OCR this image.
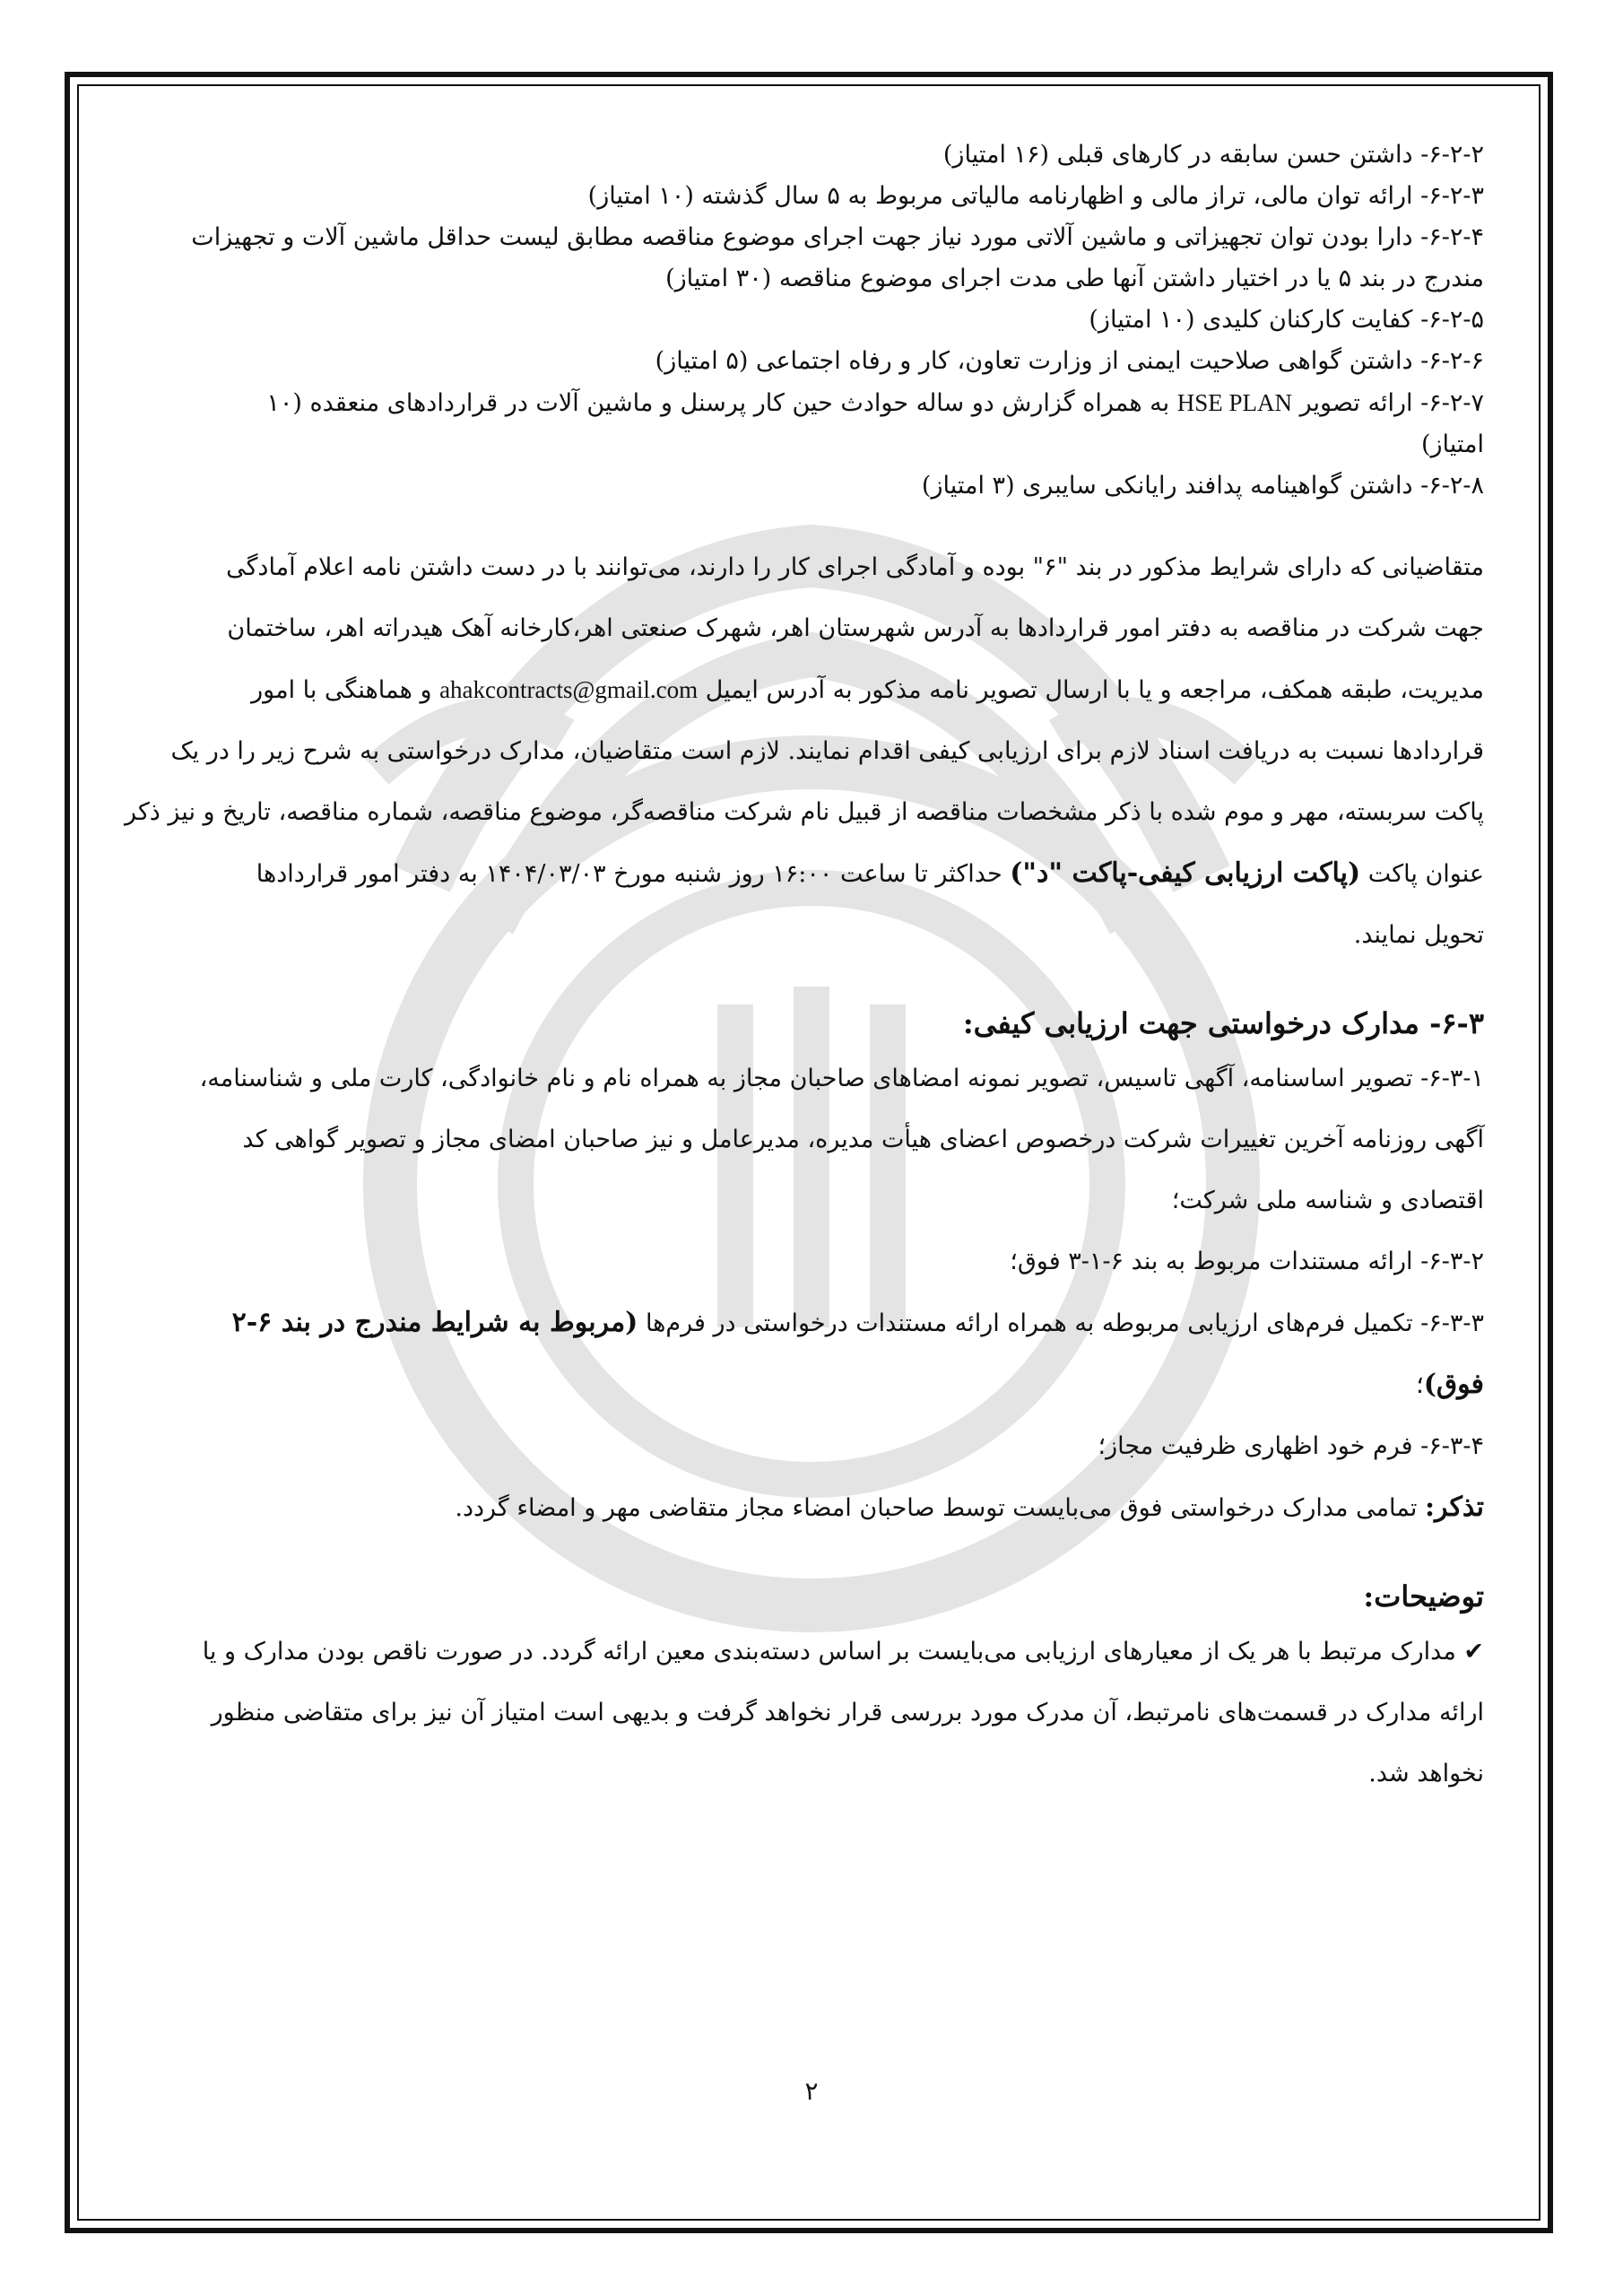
۶-۲-۲- داشتن حسن سابقه در کارهای قبلی (۱۶ امتیاز)
۶-۲-۳- ارائه توان مالی، تراز مالی و اظهارنامه مالیاتی مربوط به ۵ سال گذشته (۱۰ امتیاز)
۶-۲-۴- دارا بودن توان تجهیزاتی و ماشین آلاتی مورد نیاز جهت اجرای موضوع مناقصه مطابق لیست حداقل ماشین آلات و تجهیزات
مندرج در بند ۵ یا در اختیار داشتن آنها طی مدت اجرای موضوع مناقصه (۳۰ امتیاز)
۶-۲-۵- کفایت کارکنان کلیدی (۱۰ امتیاز)
۶-۲-۶- داشتن گواهی صلاحیت ایمنی از وزارت تعاون، کار و رفاه اجتماعی (۵ امتیاز)
۶-۲-۷- ارائه تصویر HSE PLAN به همراه گزارش دو ساله حوادث حین کار پرسنل و ماشین آلات در قراردادهای منعقده (۱۰
امتیاز)
۶-۲-۸- داشتن گواهینامه پدافند رایانکی سایبری (۳ امتیاز)
متقاضیانی که دارای شرایط مذکور در بند "۶" بوده و آمادگی اجرای کار را دارند، می‌توانند با در دست داشتن نامه اعلام آمادگی
جهت شرکت در مناقصه به دفتر امور قراردادها به آدرس شهرستان اهر، شهرک صنعتی اهر،کارخانه آهک هیدراته اهر، ساختمان
مدیریت، طبقه همکف، مراجعه و یا با ارسال تصویر نامه مذکور به آدرس ایمیل ahakcontracts@gmail.com و هماهنگی با امور
قراردادها نسبت به دریافت اسناد لازم برای ارزیابی کیفی اقدام نمایند. لازم است متقاضیان، مدارک درخواستی به شرح زیر را در یک
پاکت سربسته، مهر و موم شده با ذکر مشخصات مناقصه از قبیل نام شرکت مناقصه‌گر، موضوع مناقصه، شماره مناقصه، تاریخ و نیز ذکر
عنوان پاکت (پاکت ارزیابی کیفی-پاکت "د") حداکثر تا ساعت ۱۶:۰۰ روز شنبه مورخ ۱۴۰۴/۰۳/۰۳ به دفتر امور قراردادها
تحویل نمایند.
۶-۳- مدارک درخواستی جهت ارزیابی کیفی:
۶-۳-۱- تصویر اساسنامه، آگهی تاسیس، تصویر نمونه امضاهای صاحبان مجاز به همراه نام و نام خانوادگی، کارت ملی و شناسنامه،
آگهی روزنامه آخرین تغییرات شرکت درخصوص اعضای هیأت مدیره، مدیرعامل و نیز صاحبان امضای مجاز و تصویر گواهی کد
اقتصادی و شناسه ملی شرکت؛
۶-۳-۲- ارائه مستندات مربوط به بند ۶-۱-۳ فوق؛
۶-۳-۳- تکمیل فرم‌های ارزیابی مربوطه به همراه ارائه مستندات درخواستی در فرم‌ها (مربوط به شرایط مندرج در بند ۶-۲
فوق)؛
۶-۳-۴- فرم خود اظهاری ظرفیت مجاز؛
تذکر: تمامی مدارک درخواستی فوق می‌بایست توسط صاحبان امضاء مجاز متقاضی مهر و امضاء گردد.
توضیحات:
✔ مدارک مرتبط با هر یک از معیارهای ارزیابی می‌بایست بر اساس دسته‌بندی معین ارائه گردد. در صورت ناقص بودن مدارک و یا
ارائه مدارک در قسمت‌های نامرتبط، آن مدرک مورد بررسی قرار نخواهد گرفت و بدیهی است امتیاز آن نیز برای متقاضی منظور
نخواهد شد.
۲
